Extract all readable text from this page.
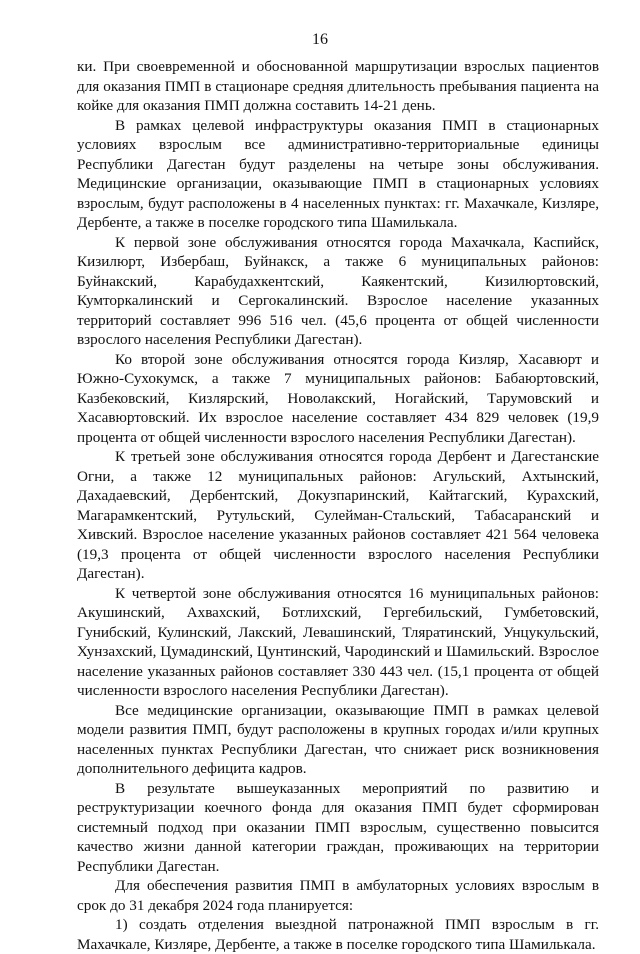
16

ки. При своевременной и обоснованной маршрутизации взрослых пациентов для оказания ПМП в стационаре средняя длительность пребывания пациента на койке для оказания ПМП должна составить 14-21 день.

В рамках целевой инфраструктуры оказания ПМП в стационарных условиях взрослым все административно-территориальные единицы Республики Дагестан будут разделены на четыре зоны обслуживания. Медицинские организации, оказывающие ПМП в стационарных условиях взрослым, будут расположены в 4 населенных пунктах: гг. Махачкале, Кизляре, Дербенте, а также в поселке городского типа Шамилькала.

К первой зоне обслуживания относятся города Махачкала, Каспийск, Кизилюрт, Избербаш, Буйнакск, а также 6 муниципальных районов: Буйнакский, Карабудахкентский, Каякентский, Кизилюртовский, Кумторкалинский и Сергокалинский. Взрослое население указанных территорий составляет 996 516 чел. (45,6 процента от общей численности взрослого населения Республики Дагестан).

Ко второй зоне обслуживания относятся города Кизляр, Хасавюрт и Южно-Сухокумск, а также 7 муниципальных районов: Бабаюртовский, Казбековский, Кизлярский, Новолакский, Ногайский, Тарумовский и Хасавюртовский. Их взрослое население составляет 434 829 человек (19,9 процента от общей численности взрослого населения Республики Дагестан).

К третьей зоне обслуживания относятся города Дербент и Дагестанские Огни, а также 12 муниципальных районов: Агульский, Ахтынский, Дахадаевский, Дербентский, Докузпаринский, Кайтагский, Курахский, Магарамкентский, Рутульский, Сулейман-Стальский, Табасаранский и Хивский. Взрослое население указанных районов составляет 421 564 человека (19,3 процента от общей численности взрослого населения Республики Дагестан).

К четвертой зоне обслуживания относятся 16 муниципальных районов: Акушинский, Ахвахский, Ботлихский, Гергебильский, Гумбетовский, Гунибский, Кулинский, Лакский, Левашинский, Тляратинский, Унцукульский, Хунзахский, Цумадинский, Цунтинский, Чародинский и Шамильский. Взрослое население указанных районов составляет 330 443 чел. (15,1 процента от общей численности взрослого населения Республики Дагестан).

Все медицинские организации, оказывающие ПМП в рамках целевой модели развития ПМП, будут расположены в крупных городах и/или крупных населенных пунктах Республики Дагестан, что снижает риск возникновения дополнительного дефицита кадров.

В результате вышеуказанных мероприятий по развитию и реструктуризации коечного фонда для оказания ПМП будет сформирован системный подход при оказании ПМП взрослым, существенно повысится качество жизни данной категории граждан, проживающих на территории Республики Дагестан.

Для обеспечения развития ПМП в амбулаторных условиях взрослым в срок до 31 декабря 2024 года планируется:

1) создать отделения выездной патронажной ПМП взрослым в гг. Махачкале, Кизляре, Дербенте, а также в поселке городского типа Шамилькала.
